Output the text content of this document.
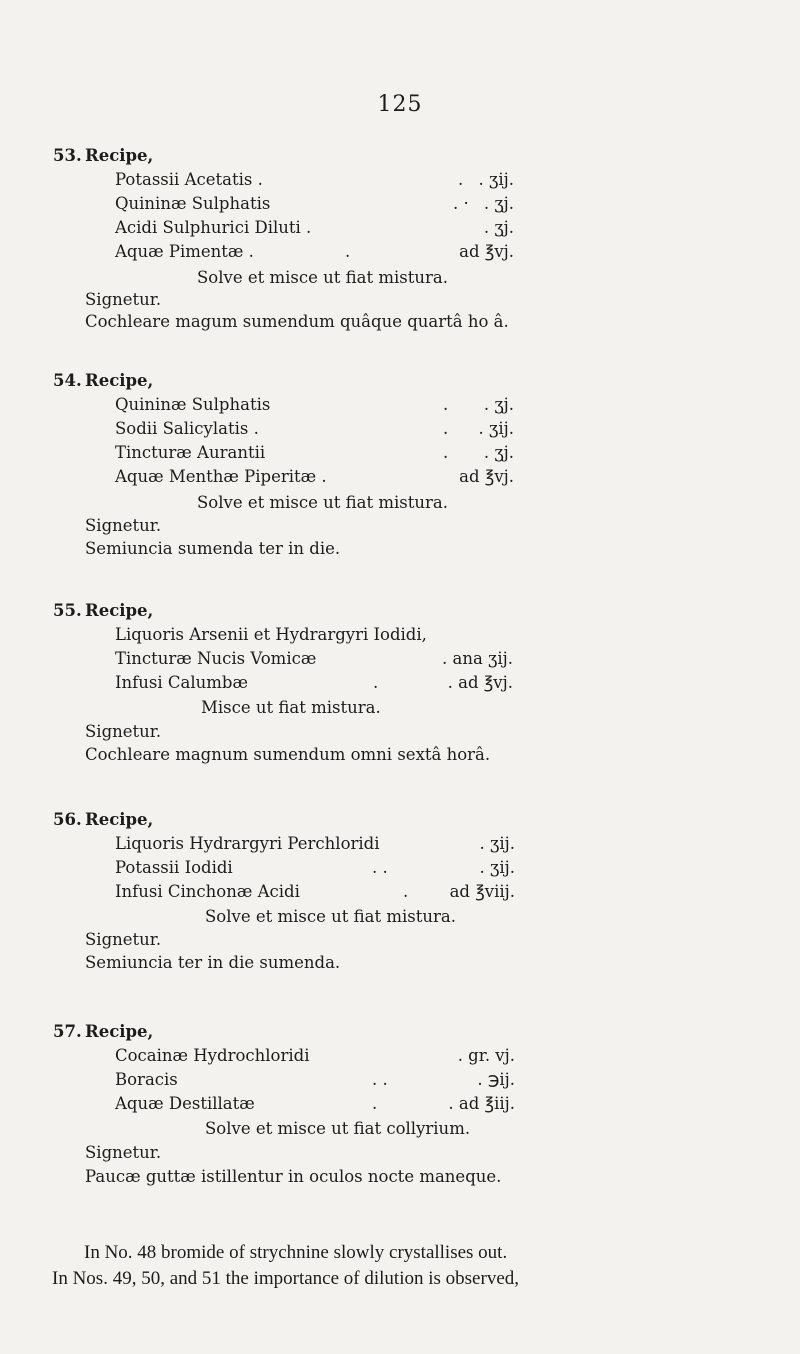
125
53. Recipe,
Potassii Acetatis .	. . ʒij.
Quininæ Sulphatis	. · . ʒj.
Acidi Sulphurici Diluti .	. ʒj.
Aquæ Pimentæ .	.	ad ℥vj.
Solve et misce ut fiat mistura.
Signetur.
Cochleare magum sumendum quâque quartâ ho â.
54. Recipe,
Quininæ Sulphatis	. . ʒj.
Sodii Salicylatis .	. . ʒij.
Tincturæ Aurantii	. . ʒj.
Aquæ Menthæ Piperitæ .	ad ℥vj.
Solve et misce ut fiat mistura.
Signetur.
Semiuncia sumenda ter in die.
55. Recipe,
Liquoris Arsenii et Hydrargyri Iodidi,
Tincturæ Nucis Vomicæ	. ana ʒij.
Infusi Calumbæ	.	. ad ℥vj.
Misce ut fiat mistura.
Signetur.
Cochleare magnum sumendum omni sextâ horâ.
56. Recipe,
Liquoris Hydrargyri Perchloridi	. ʒij.
Potassii Iodidi	. .	. ʒij.
Infusi Cinchonæ Acidi	.	ad ℥viij.
Solve et misce ut fiat mistura.
Signetur.
Semiuncia ter in die sumenda.
57. Recipe,
Cocainæ Hydrochloridi	. gr. vj.
Boracis	. .	. ℈ij.
Aquæ Destillatæ	.	. ad ℥iij.
Solve et misce ut fiat collyrium.
Signetur.
Paucæ guttæ istillentur in oculos nocte maneque.
In No. 48 bromide of strychnine slowly crystallises out.
In Nos. 49, 50, and 51 the importance of dilution is observed,
